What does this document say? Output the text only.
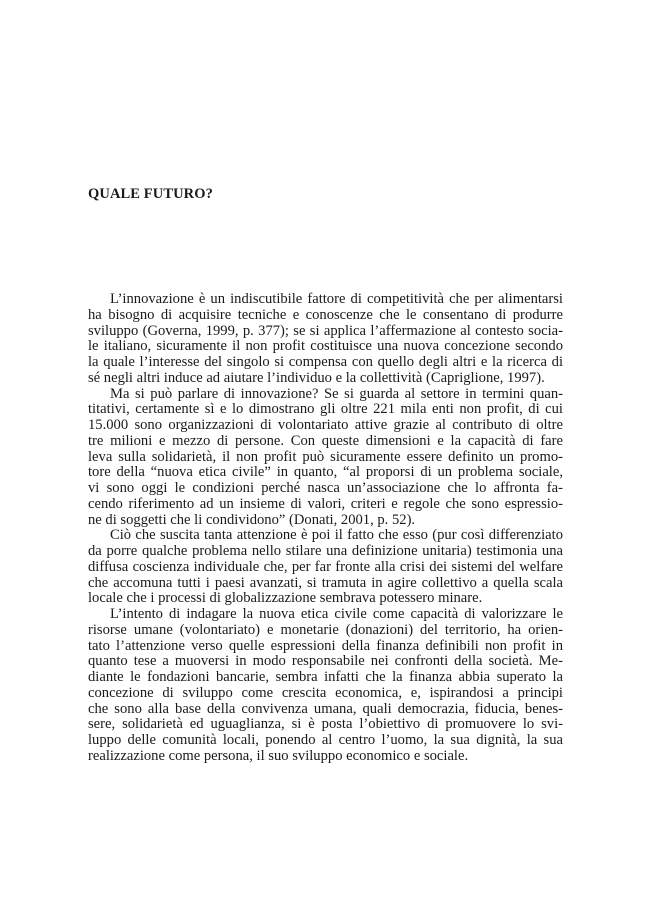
QUALE FUTURO?
L’innovazione è un indiscutibile fattore di competitività che per alimentarsi
ha bisogno di acquisire tecniche e conoscenze che le consentano di produrre
sviluppo (Governa, 1999, p. 377); se si applica l’affermazione al contesto socia-
le italiano, sicuramente il non profit costituisce una nuova concezione secondo
la quale l’interesse del singolo si compensa con quello degli altri e la ricerca di
sé negli altri induce ad aiutare l’individuo e la collettività (Capriglione, 1997).
Ma si può parlare di innovazione? Se si guarda al settore in termini quan-
titativi, certamente sì e lo dimostrano gli oltre 221 mila enti non profit, di cui
15.000 sono organizzazioni di volontariato attive grazie al contributo di oltre
tre milioni e mezzo di persone. Con queste dimensioni e la capacità di fare
leva sulla solidarietà, il non profit può sicuramente essere definito un promo-
tore della “nuova etica civile” in quanto, “al proporsi di un problema sociale,
vi sono oggi le condizioni perché nasca un’associazione che lo affronta fa-
cendo riferimento ad un insieme di valori, criteri e regole che sono espressio-
ne di soggetti che li condividono” (Donati, 2001, p. 52).
Ciò che suscita tanta attenzione è poi il fatto che esso (pur così differenziato
da porre qualche problema nello stilare una definizione unitaria) testimonia una
diffusa coscienza individuale che, per far fronte alla crisi dei sistemi del welfare
che accomuna tutti i paesi avanzati, si tramuta in agire collettivo a quella scala
locale che i processi di globalizzazione sembrava potessero minare.
L’intento di indagare la nuova etica civile come capacità di valorizzare le
risorse umane (volontariato) e monetarie (donazioni) del territorio, ha orien-
tato l’attenzione verso quelle espressioni della finanza definibili non profit in
quanto tese a muoversi in modo responsabile nei confronti della società. Me-
diante le fondazioni bancarie, sembra infatti che la finanza abbia superato la
concezione di sviluppo come crescita economica, e, ispirandosi a principi
che sono alla base della convivenza umana, quali democrazia, fiducia, benes-
sere, solidarietà ed uguaglianza, si è posta l’obiettivo di promuovere lo svi-
luppo delle comunità locali, ponendo al centro l’uomo, la sua dignità, la sua
realizzazione come persona, il suo sviluppo economico e sociale.
